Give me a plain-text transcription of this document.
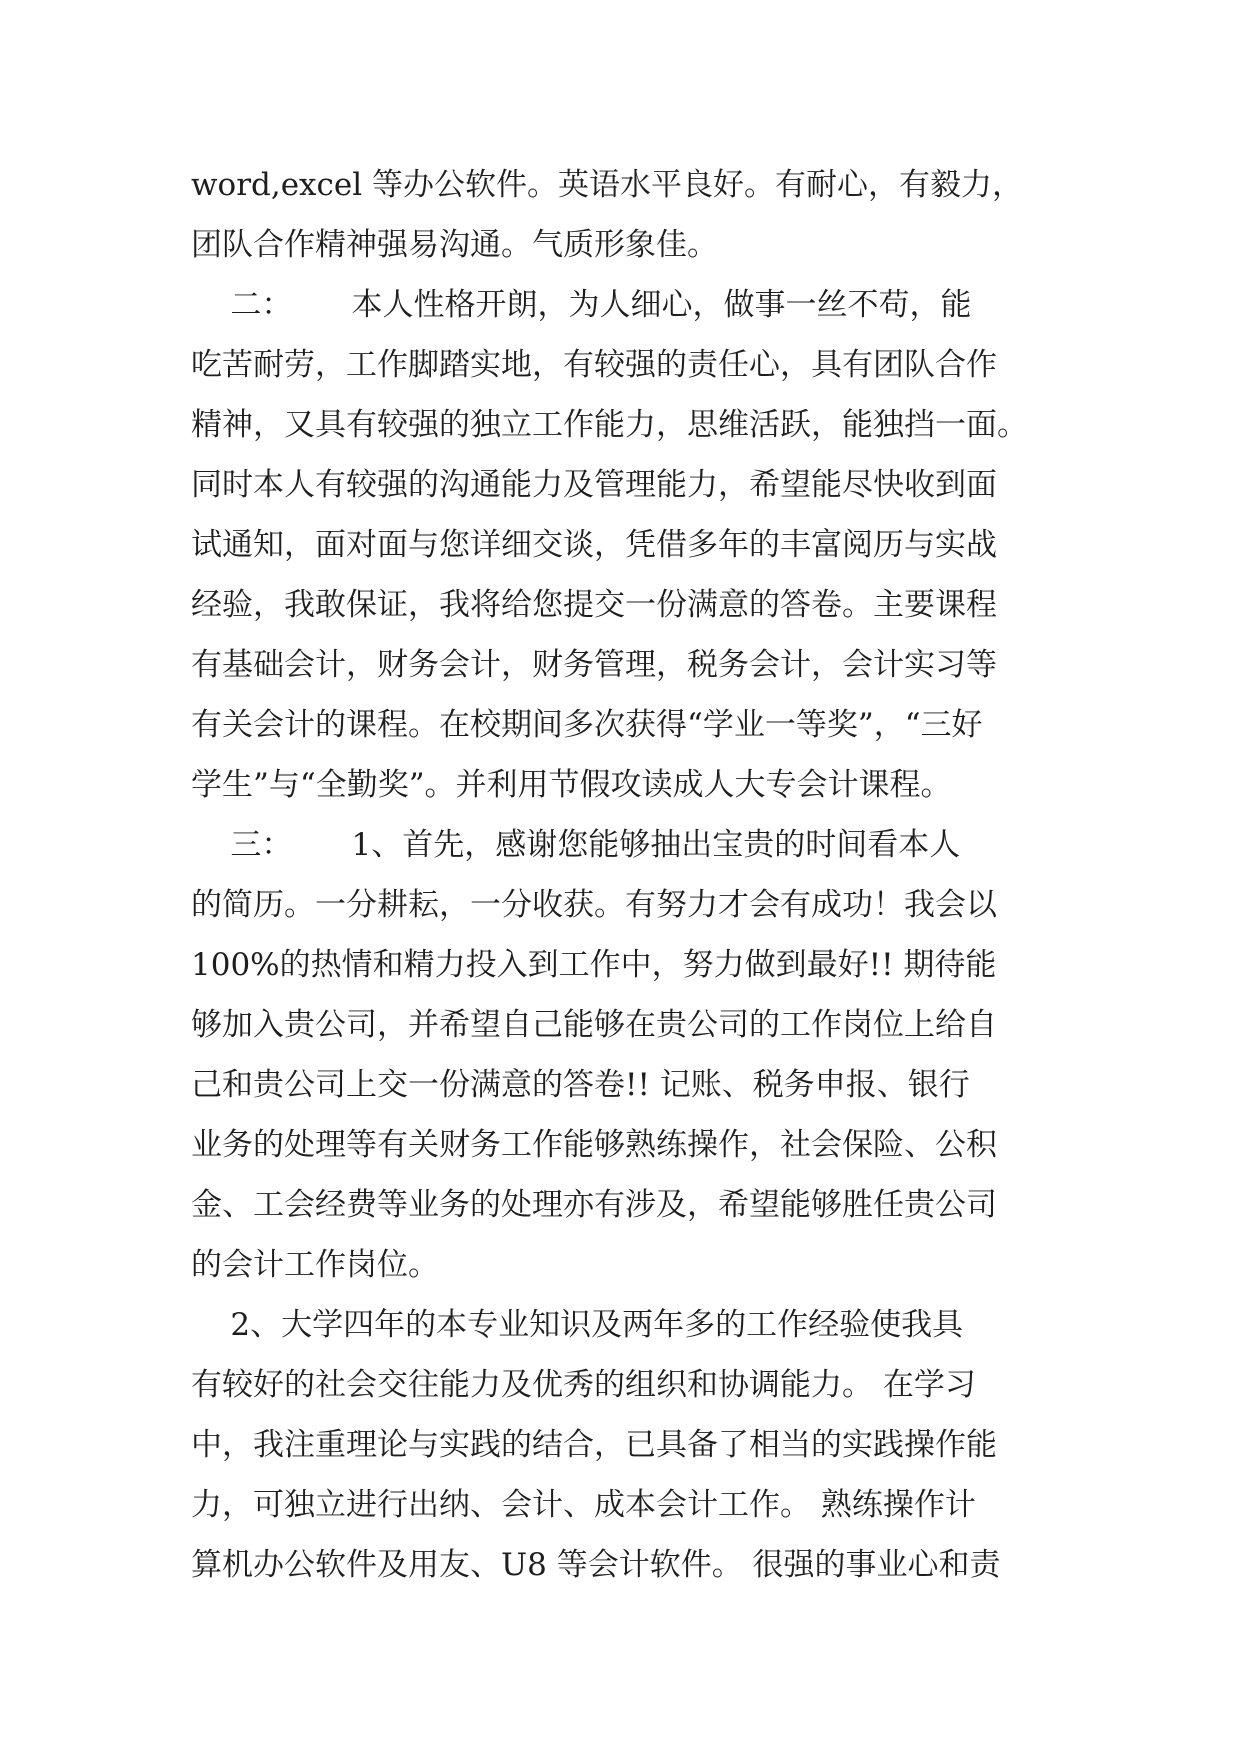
word,excel 等办公软件。英语水平良好。有耐心，有毅力，
团队合作精神强易沟通。气质形象佳。
二：      本人性格开朗，为人细心，做事一丝不苟，能
吃苦耐劳，工作脚踏实地，有较强的责任心，具有团队合作
精神，又具有较强的独立工作能力，思维活跃，能独挡一面。
同时本人有较强的沟通能力及管理能力，希望能尽快收到面
试通知，面对面与您详细交谈，凭借多年的丰富阅历与实战
经验，我敢保证，我将给您提交一份满意的答卷。主要课程
有基础会计，财务会计，财务管理，税务会计，会计实习等
有关会计的课程。在校期间多次获得“学业一等奖”，“三好
学生”与“全勤奖”。并利用节假攻读成人大专会计课程。
三：      1、首先，感谢您能够抽出宝贵的时间看本人
的简历。一分耕耘，一分收获。有努力才会有成功！我会以
100%的热情和精力投入到工作中，努力做到最好!! 期待能
够加入贵公司，并希望自己能够在贵公司的工作岗位上给自
己和贵公司上交一份满意的答卷!! 记账、税务申报、银行
业务的处理等有关财务工作能够熟练操作，社会保险、公积
金、工会经费等业务的处理亦有涉及，希望能够胜任贵公司
的会计工作岗位。
2、大学四年的本专业知识及两年多的工作经验使我具
有较好的社会交往能力及优秀的组织和协调能力。 在学习
中，我注重理论与实践的结合，已具备了相当的实践操作能
力，可独立进行出纳、会计、成本会计工作。 熟练操作计
算机办公软件及用友、U8 等会计软件。 很强的事业心和责
